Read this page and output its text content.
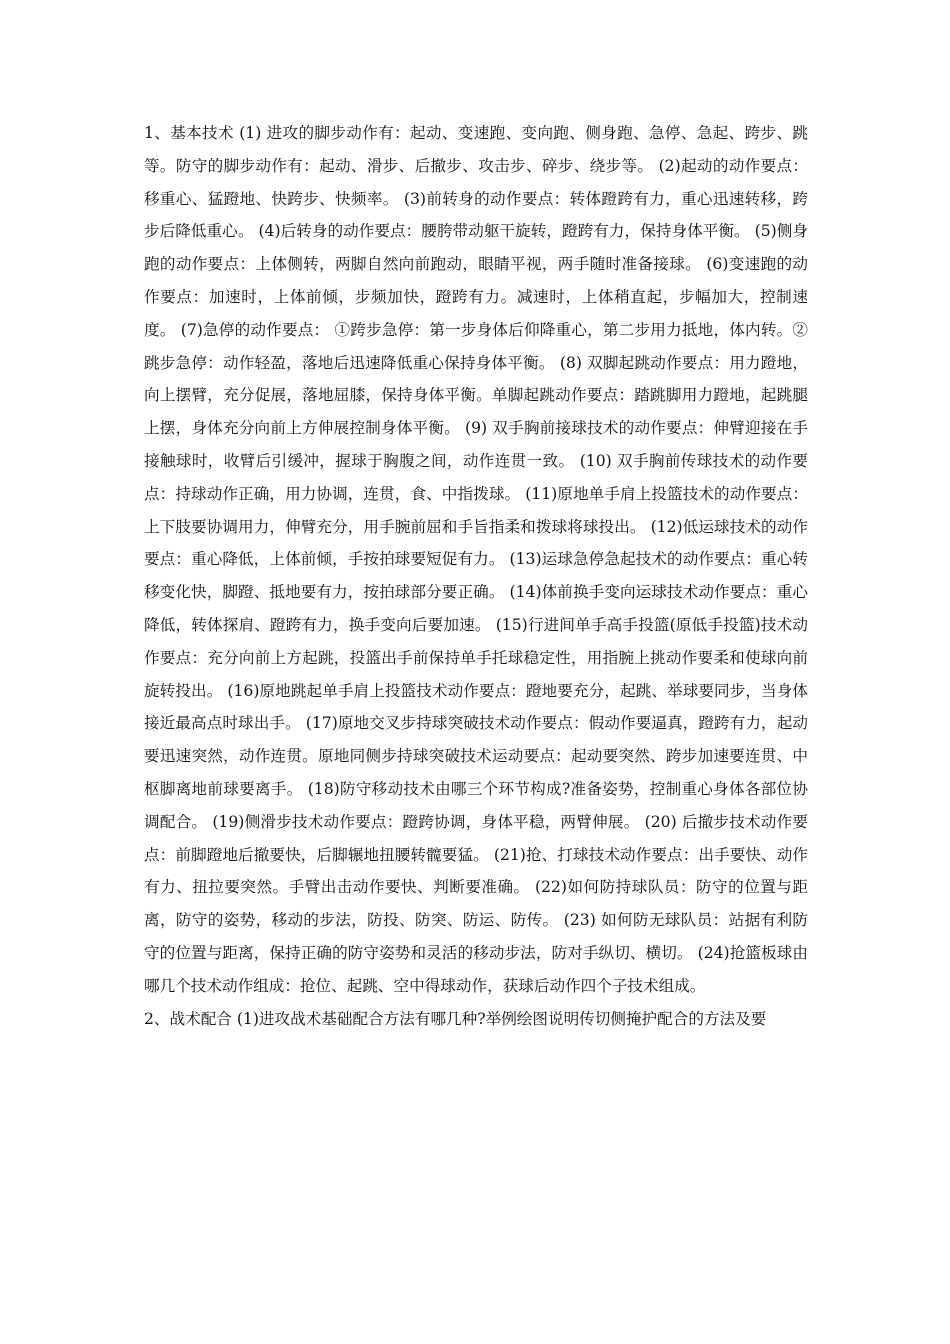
1、基本技术 (1) 进攻的脚步动作有：起动、变速跑、变向跑、侧身跑、急停、急起、跨步、跳等。防守的脚步动作有：起动、滑步、后撤步、攻击步、碎步、绕步等。 (2)起动的动作要点：移重心、猛蹬地、快跨步、快频率。 (3)前转身的动作要点：转体蹬跨有力，重心迅速转移，跨步后降低重心。 (4)后转身的动作要点：腰胯带动躯干旋转，蹬跨有力，保持身体平衡。 (5)侧身跑的动作要点：上体侧转，两脚自然向前跑动，眼睛平视，两手随时准备接球。 (6)变速跑的动作要点：加速时，上体前倾，步频加快，蹬跨有力。减速时，上体稍直起，步幅加大，控制速度。 (7)急停的动作要点： ①跨步急停：第一步身体后仰降重心，第二步用力抵地，体内转。②跳步急停：动作轻盈，落地后迅速降低重心保持身体平衡。 (8) 双脚起跳动作要点：用力蹬地，向上摆臂，充分促展，落地屈膝，保持身体平衡。单脚起跳动作要点：踏跳脚用力蹬地，起跳腿上摆，身体充分向前上方伸展控制身体平衡。 (9) 双手胸前接球技术的动作要点：伸臂迎接在手接触球时，收臂后引缓冲，握球于胸腹之间，动作连贯一致。 (10) 双手胸前传球技术的动作要点：持球动作正确，用力协调，连贯，食、中指拨球。 (11)原地单手肩上投篮技术的动作要点：上下肢要协调用力，伸臂充分，用手腕前屈和手旨指柔和拨球将球投出。 (12)低运球技术的动作要点：重心降低，上体前倾，手按拍球要短促有力。 (13)运球急停急起技术的动作要点：重心转移变化快，脚蹬、抵地要有力，按拍球部分要正确。 (14)体前换手变向运球技术动作要点：重心降低，转体探肩、蹬跨有力，换手变向后要加速。 (15)行进间单手高手投篮(原低手投篮)技术动作要点：充分向前上方起跳，投篮出手前保持单手托球稳定性，用指腕上挑动作要柔和使球向前旋转投出。 (16)原地跳起单手肩上投篮技术动作要点：蹬地要充分，起跳、举球要同步，当身体接近最高点时球出手。 (17)原地交叉步持球突破技术动作要点：假动作要逼真，蹬跨有力，起动要迅速突然，动作连贯。原地同侧步持球突破技术运动要点：起动要突然、跨步加速要连贯、中枢脚离地前球要离手。 (18)防守移动技术由哪三个环节构成?准备姿势，控制重心身体各部位协调配合。 (19)侧滑步技术动作要点：蹬跨协调，身体平稳，两臂伸展。 (20) 后撤步技术动作要点：前脚蹬地后撤要快，后脚辗地扭腰转髋要猛。 (21)抢、打球技术动作要点：出手要快、动作有力、扭拉要突然。手臂出击动作要快、判断要准确。 (22)如何防持球队员：防守的位置与距离，防守的姿势，移动的步法，防投、防突、防运、防传。 (23) 如何防无球队员：站据有利防守的位置与距离，保持正确的防守姿势和灵活的移动步法，防对手纵切、横切。 (24)抢篮板球由哪几个技术动作组成：抢位、起跳、空中得球动作，获球后动作四个子技术组成。

2、战术配合 (1)进攻战术基础配合方法有哪几种?举例绘图说明传切侧掩护配合的方法及要
